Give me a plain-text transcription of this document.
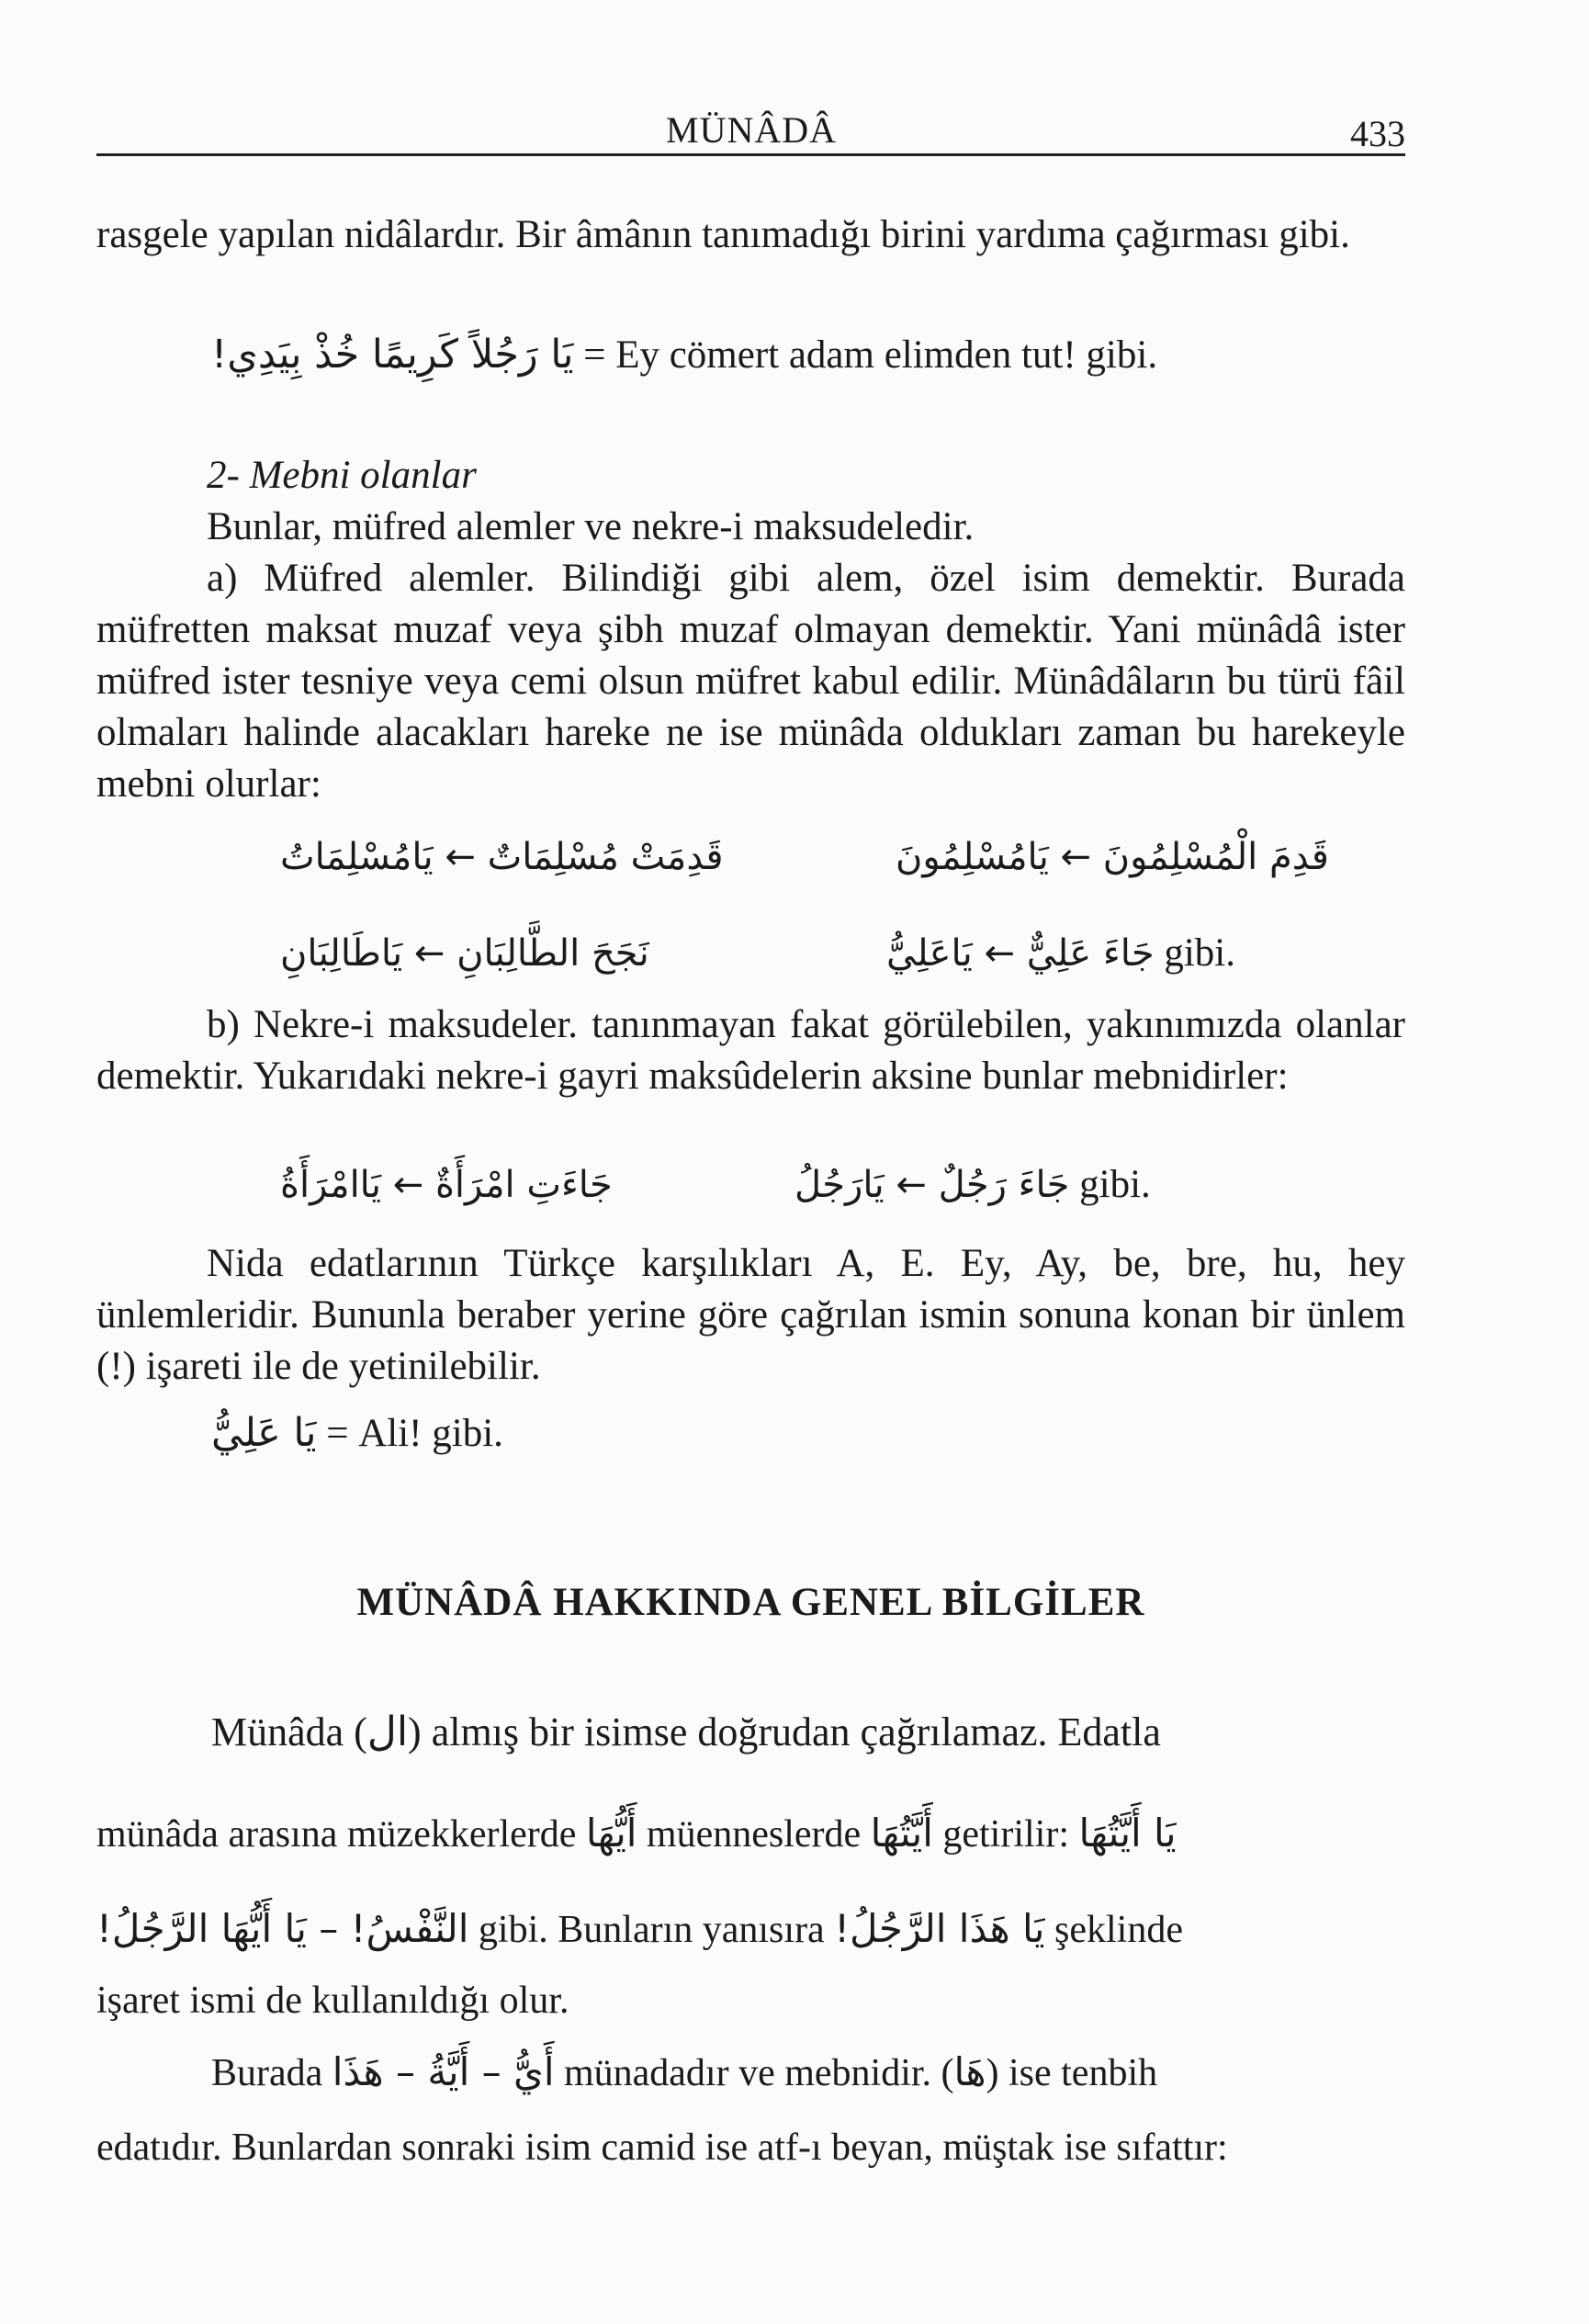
MÜNÂDÂ	433
rasgele yapılan nidâlardır. Bir âmânın tanımadığı birini yardıma çağırması gibi.
يَا رَجُلاً كَرِيمًا خُذْ بِيَدِي! = Ey cömert adam elimden tut! gibi.
2- Mebni olanlar
Bunlar, müfred alemler ve nekre-i maksudeledir.
a) Müfred alemler. Bilindiği gibi alem, özel isim demektir. Burada müfretten maksat muzaf veya şibh muzaf olmayan demektir. Yani münâdâ ister müfred ister tesniye veya cemi olsun müfret kabul edilir. Münâdâların bu türü fâil olmaları halinde alacakları hareke ne ise münâda oldukları zaman bu harekeyle mebni olurlar:
قَدِمَتْ مُسْلِمَاتٌ ← يَامُسْلِمَاتُ	قَدِمَ الْمُسْلِمُونَ ← يَامُسْلِمُونَ
نَجَحَ الطَّالِبَانِ ← يَاطَالِبَانِ	جَاءَ عَلِيٌّ ← يَاعَلِيُّ gibi.
b) Nekre-i maksudeler. tanınmayan fakat görülebilen, yakınımızda olanlar demektir. Yukarıdaki nekre-i gayri maksûdelerin aksine bunlar mebnidirler:
جَاءَتِ امْرَأَةٌ ← يَاامْرَأَةُ	جَاءَ رَجُلٌ ← يَارَجُلُ gibi.
Nida edatlarının Türkçe karşılıkları A, E. Ey, Ay, be, bre, hu, hey ünlemleridir. Bununla beraber yerine göre çağrılan ismin sonuna konan bir ünlem (!) işareti ile de yetinilebilir.
يَا عَلِيُّ = Ali! gibi.
MÜNÂDÂ HAKKINDA GENEL BİLGİLER
Münâda (ال) almış bir isimse doğrudan çağrılamaz. Edatla
münâda arasına müzekkerlerde أَيُّهَا müenneslerde أَيَّتُهَا getirilir: يَا أَيَّتُهَا
النَّفْسُ! – يَا أَيُّهَا الرَّجُلُ! gibi. Bunların yanısıra يَا هَذَا الرَّجُلُ! şeklinde
işaret ismi de kullanıldığı olur.
Burada أَيُّ – أَيَّةُ – هَذَا münadadır ve mebnidir. (هَا) ise tenbih
edatıdır. Bunlardan sonraki isim camid ise atf-ı beyan, müştak ise sıfattır:
